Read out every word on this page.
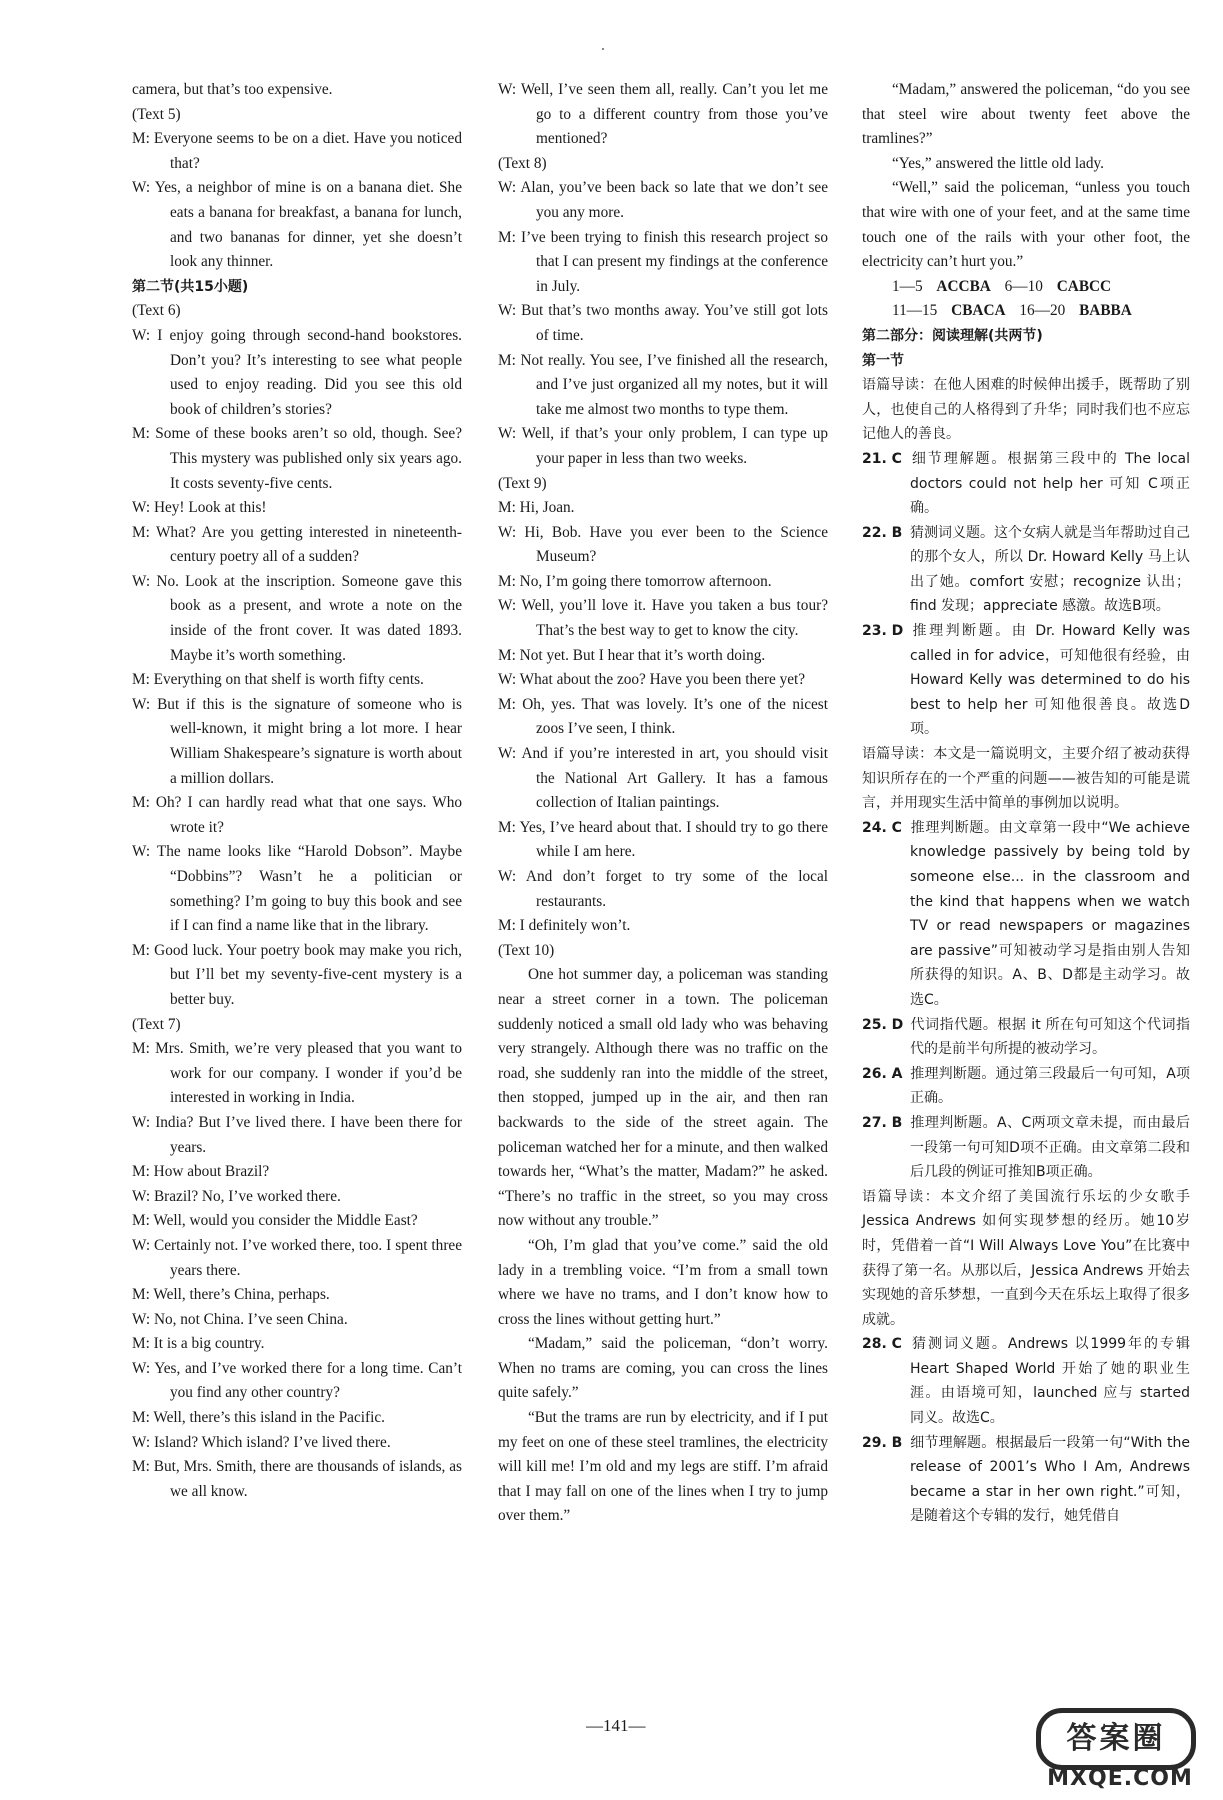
camera, but that’s too expensive.

(Text 5)

M: Everyone seems to be on a diet. Have you noticed that?

W: Yes, a neighbor of mine is on a banana diet. She eats a banana for breakfast, a banana for lunch, and two bananas for dinner, yet she doesn’t look any thinner.

第二节(共15小题)

(Text 6)

W: I enjoy going through second-hand bookstores. Don’t you? It’s interesting to see what people used to enjoy reading. Did you see this old book of children’s stories?

M: Some of these books aren’t so old, though. See? This mystery was published only six years ago. It costs seventy-five cents.

W: Hey! Look at this!

M: What? Are you getting interested in nineteenth-century poetry all of a sudden?

W: No. Look at the inscription. Someone gave this book as a present, and wrote a note on the inside of the front cover. It was dated 1893. Maybe it’s worth something.

M: Everything on that shelf is worth fifty cents.

W: But if this is the signature of someone who is well-known, it might bring a lot more. I hear William Shakespeare’s signature is worth about a million dollars.

M: Oh? I can hardly read what that one says. Who wrote it?

W: The name looks like “Harold Dobson”. Maybe “Dobbins”? Wasn’t he a politician or something? I’m going to buy this book and see if I can find a name like that in the library.

M: Good luck. Your poetry book may make you rich, but I’ll bet my seventy-five-cent mystery is a better buy.

(Text 7)

M: Mrs. Smith, we’re very pleased that you want to work for our company. I wonder if you’d be interested in working in India.

W: India? But I’ve lived there. I have been there for years.

M: How about Brazil?

W: Brazil? No, I’ve worked there.

M: Well, would you consider the Middle East?

W: Certainly not. I’ve worked there, too. I spent three years there.

M: Well, there’s China, perhaps.

W: No, not China. I’ve seen China.

M: It is a big country.

W: Yes, and I’ve worked there for a long time. Can’t you find any other country?

M: Well, there’s this island in the Pacific.

W: Island? Which island? I’ve lived there.

M: But, Mrs. Smith, there are thousands of islands, as we all know.

W: Well, I’ve seen them all, really. Can’t you let me go to a different country from those you’ve mentioned?

(Text 8)

W: Alan, you’ve been back so late that we don’t see you any more.

M: I’ve been trying to finish this research project so that I can present my findings at the conference in July.

W: But that’s two months away. You’ve still got lots of time.

M: Not really. You see, I’ve finished all the research, and I’ve just organized all my notes, but it will take me almost two months to type them.

W: Well, if that’s your only problem, I can type up your paper in less than two weeks.

(Text 9)

M: Hi, Joan.

W: Hi, Bob. Have you ever been to the Science Museum?

M: No, I’m going there tomorrow afternoon.

W: Well, you’ll love it. Have you taken a bus tour? That’s the best way to get to know the city.

M: Not yet. But I hear that it’s worth doing.

W: What about the zoo? Have you been there yet?

M: Oh, yes. That was lovely. It’s one of the nicest zoos I’ve seen, I think.

W: And if you’re interested in art, you should visit the National Art Gallery. It has a famous collection of Italian paintings.

M: Yes, I’ve heard about that. I should try to go there while I am here.

W: And don’t forget to try some of the local restaurants.

M: I definitely won’t.

(Text 10)

One hot summer day, a policeman was standing near a street corner in a town. The policeman suddenly noticed a small old lady who was behaving very strangely. Although there was no traffic on the road, she suddenly ran into the middle of the street, then stopped, jumped up in the air, and then ran backwards to the side of the street again. The policeman watched her for a minute, and then walked towards her, “What’s the matter, Madam?” he asked. “There’s no traffic in the street, so you may cross now without any trouble.”

“Oh, I’m glad that you’ve come.” said the old lady in a trembling voice. “I’m from a small town where we have no trams, and I don’t know how to cross the lines without getting hurt.”

“Madam,” said the policeman, “don’t worry. When no trams are coming, you can cross the lines quite safely.”

“But the trams are run by electricity, and if I put my feet on one of these steel tramlines, the electricity will kill me! I’m old and my legs are stiff. I’m afraid that I may fall on one of the lines when I try to jump over them.”

“Madam,” answered the policeman, “do you see that steel wire about twenty feet above the tramlines?”

“Yes,” answered the little old lady.

“Well,” said the policeman, “unless you touch that wire with one of your feet, and at the same time touch one of the rails with your other foot, the electricity can’t hurt you.”

1—5 ACCBA 6—10 CABCC

11—15 CBACA 16—20 BABBA

第二部分：阅读理解(共两节)

第一节

语篇导读：在他人困难的时候伸出援手，既帮助了别人，也使自己的人格得到了升华；同时我们也不应忘记他人的善良。

21. C 细节理解题。根据第三段中的 The local doctors could not help her 可知 C项正确。

22. B 猜测词义题。这个女病人就是当年帮助过自己的那个女人，所以 Dr. Howard Kelly 马上认出了她。comfort 安慰；recognize 认出；find 发现；appreciate 感激。故选B项。

23. D 推理判断题。由 Dr. Howard Kelly was called in for advice，可知他很有经验，由 Howard Kelly was determined to do his best to help her 可知他很善良。故选D项。

语篇导读：本文是一篇说明文，主要介绍了被动获得知识所存在的一个严重的问题——被告知的可能是谎言，并用现实生活中简单的事例加以说明。

24. C 推理判断题。由文章第一段中“We achieve knowledge passively by being told by someone else... in the classroom and the kind that happens when we watch TV or read newspapers or magazines are passive”可知被动学习是指由别人告知所获得的知识。A、B、D都是主动学习。故选C。

25. D 代词指代题。根据 it 所在句可知这个代词指代的是前半句所提的被动学习。

26. A 推理判断题。通过第三段最后一句可知，A项正确。

27. B 推理判断题。A、C两项文章未提，而由最后一段第一句可知D项不正确。由文章第二段和后几段的例证可推知B项正确。

语篇导读：本文介绍了美国流行乐坛的少女歌手 Jessica Andrews 如何实现梦想的经历。她10岁时，凭借着一首“I Will Always Love You”在比赛中获得了第一名。从那以后，Jessica Andrews 开始去实现她的音乐梦想，一直到今天在乐坛上取得了很多成就。

28. C 猜测词义题。Andrews 以1999年的专辑 Heart Shaped World 开始了她的职业生涯。由语境可知，launched 应与 started 同义。故选C。

29. B 细节理解题。根据最后一段第一句“With the release of 2001’s Who I Am, Andrews became a star in her own right.”可知，是随着这个专辑的发行，她凭借自

—141—	答案圈
MXQE.COM
